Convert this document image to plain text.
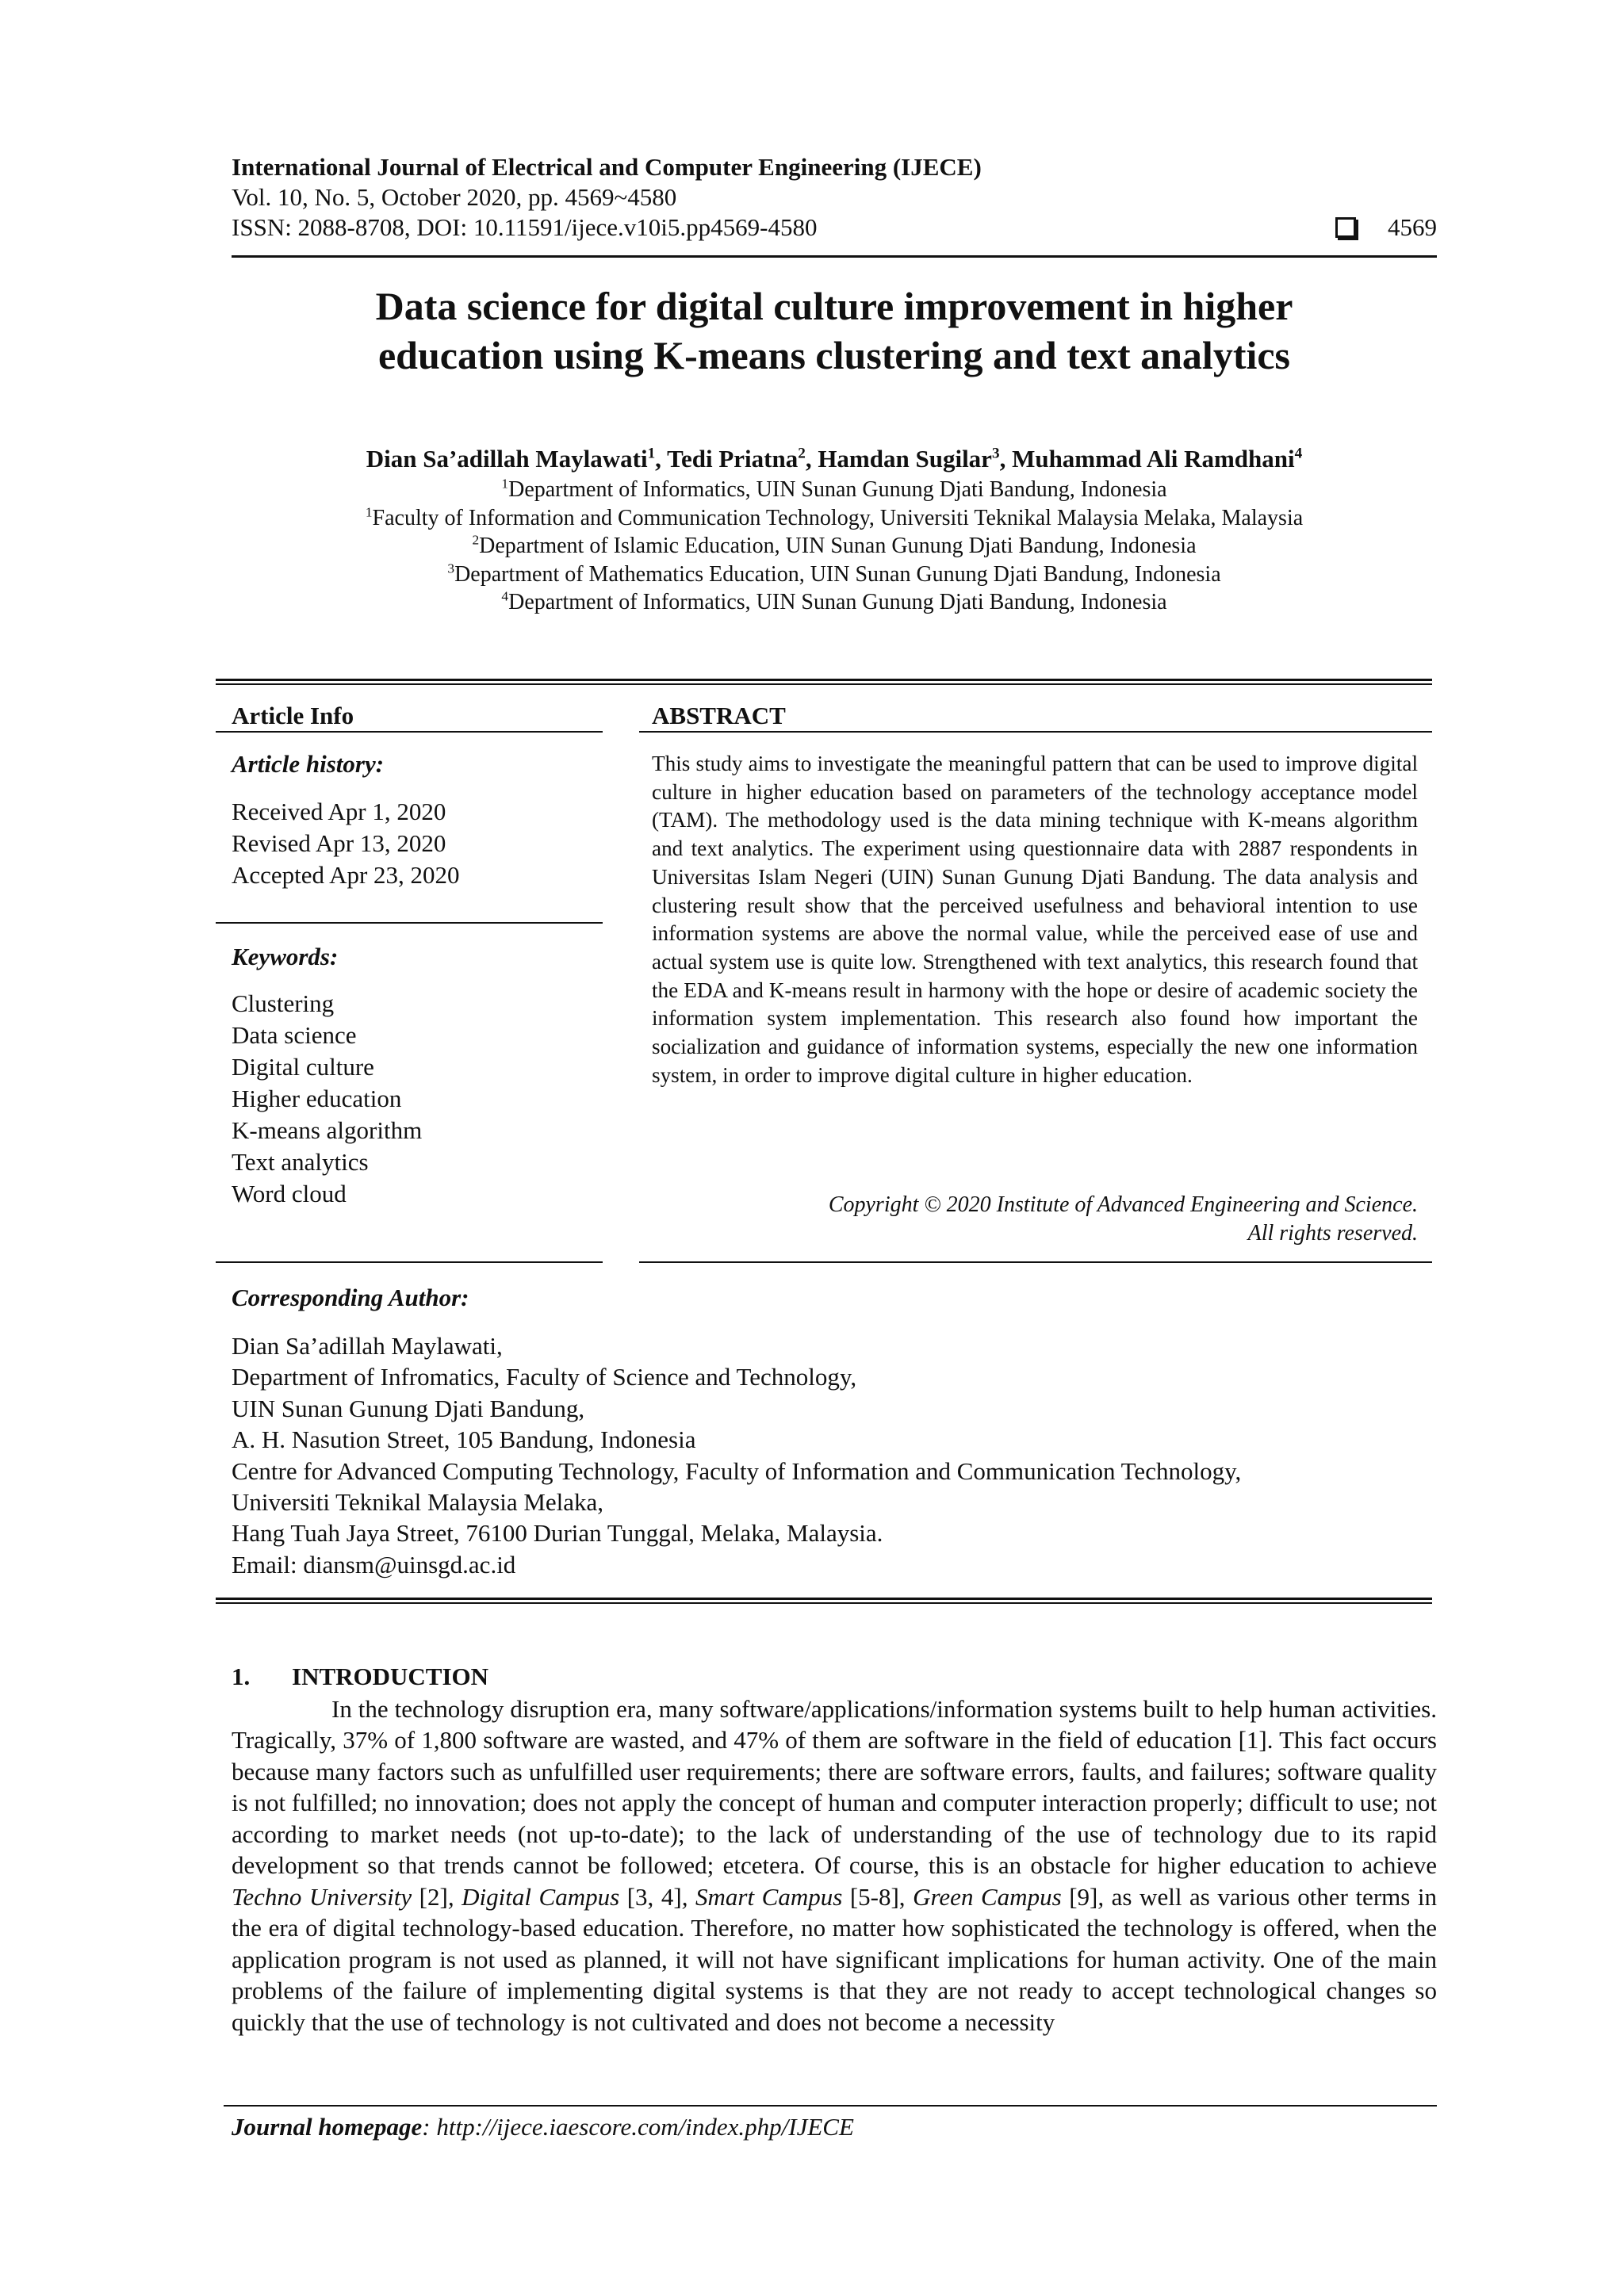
International Journal of Electrical and Computer Engineering (IJECE)
Vol. 10, No. 5, October 2020, pp. 4569~4580
ISSN: 2088-8708, DOI: 10.11591/ijece.v10i5.pp4569-4580	4569
Data science for digital culture improvement in higher
education using K-means clustering and text analytics
Dian Sa’adillah Maylawati$^1$, Tedi Priatna$^2$, Hamdan Sugilar$^3$, Muhammad Ali Ramdhani$^4$
$^1$Department of Informatics, UIN Sunan Gunung Djati Bandung, Indonesia
$^1$Faculty of Information and Communication Technology, Universiti Teknikal Malaysia Melaka, Malaysia
$^2$Department of Islamic Education, UIN Sunan Gunung Djati Bandung, Indonesia
$^3$Department of Mathematics Education, UIN Sunan Gunung Djati Bandung, Indonesia
$^4$Department of Informatics, UIN Sunan Gunung Djati Bandung, Indonesia
Article Info
Article history:
Received Apr 1, 2020
Revised Apr 13, 2020
Accepted Apr 23, 2020
Keywords:
Clustering
Data science
Digital culture
Higher education
K-means algorithm
Text analytics
Word cloud
ABSTRACT
This study aims to investigate the meaningful pattern that can be used to improve digital culture in higher education based on parameters of the technology acceptance model (TAM). The methodology used is the data mining technique with K-means algorithm and text analytics. The experiment using questionnaire data with 2887 respondents in Universitas Islam Negeri (UIN) Sunan Gunung Djati Bandung. The data analysis and clustering result show that the perceived usefulness and behavioral intention to use information systems are above the normal value, while the perceived ease of use and actual system use is quite low. Strengthened with text analytics, this research found that the EDA and K-means result in harmony with the hope or desire of academic society the information system implementation. This research also found how important the socialization and guidance of information systems, especially the new one information system, in order to improve digital culture in higher education.
Copyright © 2020 Institute of Advanced Engineering and Science.
All rights reserved.
Corresponding Author:
Dian Sa’adillah Maylawati,
Department of Infromatics, Faculty of Science and Technology,
UIN Sunan Gunung Djati Bandung,
A. H. Nasution Street, 105 Bandung, Indonesia
Centre for Advanced Computing Technology, Faculty of Information and Communication Technology,
Universiti Teknikal Malaysia Melaka,
Hang Tuah Jaya Street, 76100 Durian Tunggal, Melaka, Malaysia.
Email: diansm@uinsgd.ac.id
1. INTRODUCTION
In the technology disruption era, many software/applications/information systems built to help human activities. Tragically, 37% of 1,800 software are wasted, and 47% of them are software in the field of education [1]. This fact occurs because many factors such as unfulfilled user requirements; there are software errors, faults, and failures; software quality is not fulfilled; no innovation; does not apply the concept of human and computer interaction properly; difficult to use; not according to market needs (not up-to-date); to the lack of understanding of the use of technology due to its rapid development so that trends cannot be followed; etcetera. Of course, this is an obstacle for higher education to achieve Techno University [2], Digital Campus [3, 4], Smart Campus [5-8], Green Campus [9], as well as various other terms in the era of digital technology-based education. Therefore, no matter how sophisticated the technology is offered, when the application program is not used as planned, it will not have significant implications for human activity. One of the main problems of the failure of implementing digital systems is that they are not ready to accept technological changes so quickly that the use of technology is not cultivated and does not become a necessity
Journal homepage: http://ijece.iaescore.com/index.php/IJECE
